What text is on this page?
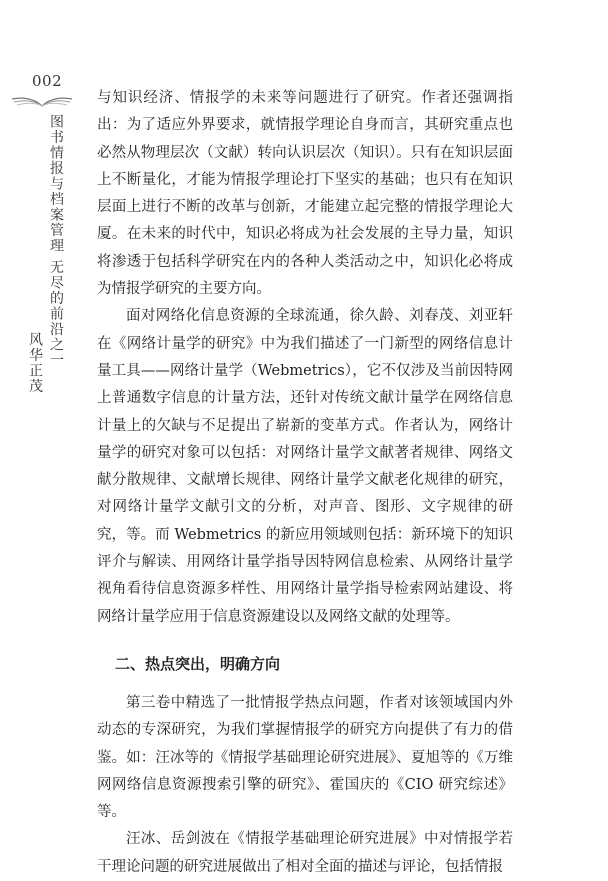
002
图书情报与档案管理 无尽的前沿之一
风华正茂

与知识经济、情报学的未来等问题进行了研究。作者还强调指出：为了适应外界要求，就情报学理论自身而言，其研究重点也必然从物理层次（文献）转向认识层次（知识）。只有在知识层面上不断量化，才能为情报学理论打下坚实的基础；也只有在知识层面上进行不断的改革与创新，才能建立起完整的情报学理论大厦。在未来的时代中，知识必将成为社会发展的主导力量，知识将渗透于包括科学研究在内的各种人类活动之中，知识化必将成为情报学研究的主要方向。

面对网络化信息资源的全球流通，徐久龄、刘春茂、刘亚轩在《网络计量学的研究》中为我们描述了一门新型的网络信息计量工具——网络计量学（Webmetrics），它不仅涉及当前因特网上普通数字信息的计量方法，还针对传统文献计量学在网络信息计量上的欠缺与不足提出了崭新的变革方式。作者认为，网络计量学的研究对象可以包括：对网络计量学文献著者规律、网络文献分散规律、文献增长规律、网络计量学文献老化规律的研究，对网络计量学文献引文的分析，对声音、图形、文字规律的研究，等。而 Webmetrics 的新应用领域则包括：新环境下的知识评介与解读、用网络计量学指导因特网信息检索、从网络计量学视角看待信息资源多样性、用网络计量学指导检索网站建设、将网络计量学应用于信息资源建设以及网络文献的处理等。

二、热点突出，明确方向

第三卷中精选了一批情报学热点问题，作者对该领域国内外动态的专深研究，为我们掌握情报学的研究方向提供了有力的借鉴。如：汪冰等的《情报学基础理论研究进展》、夏旭等的《万维网网络信息资源搜索引擎的研究》、霍国庆的《CIO 研究综述》等。

汪冰、岳剑波在《情报学基础理论研究进展》中对情报学若干理论问题的研究进展做出了相对全面的描述与评论，包括情报
